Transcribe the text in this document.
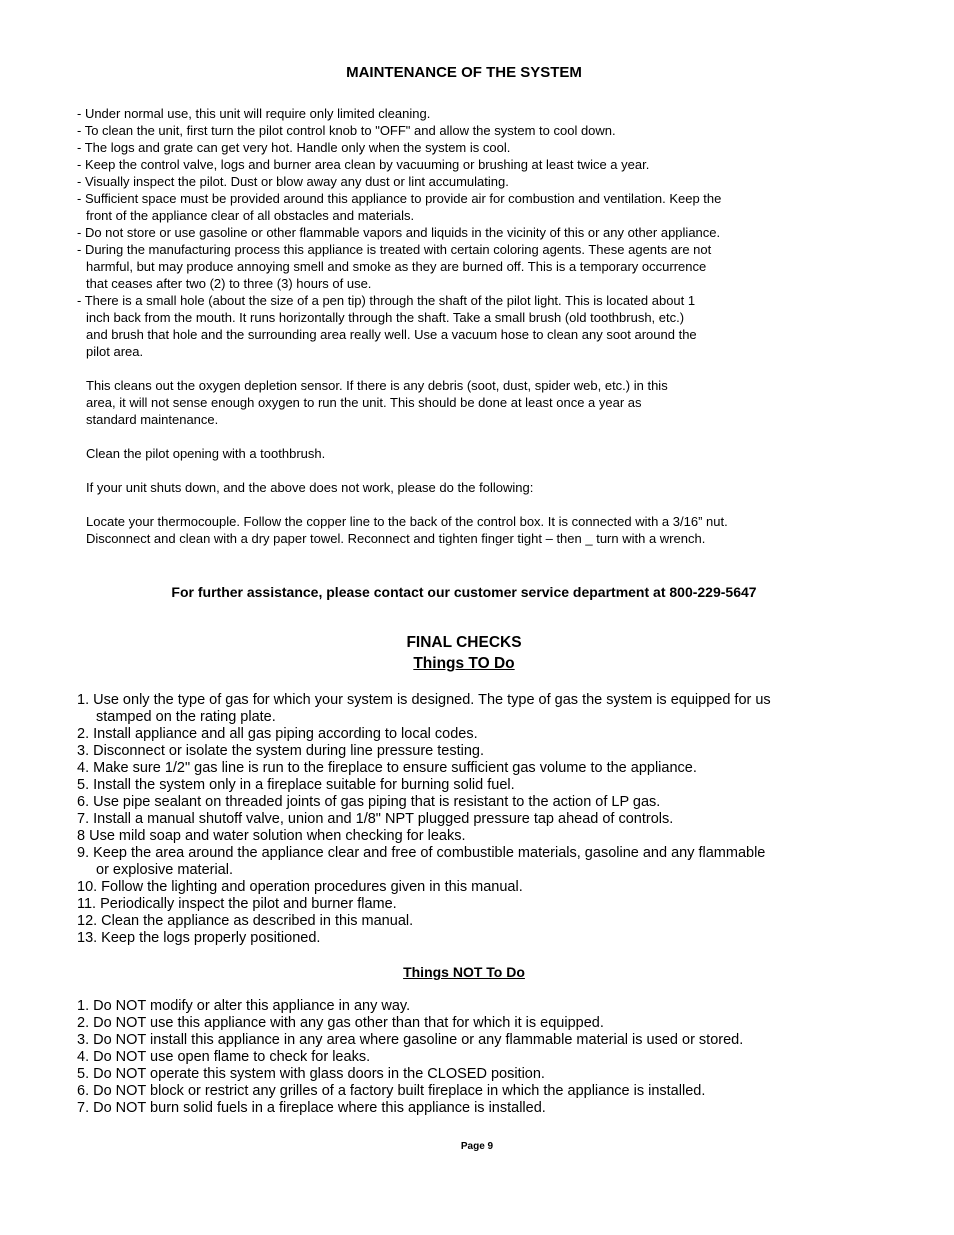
MAINTENANCE OF THE SYSTEM
- Under normal use, this unit will require only limited cleaning.
- To clean the unit, first turn the pilot control knob to "OFF" and allow the system to cool down.
- The logs and grate can get very hot. Handle only when the system is cool.
- Keep the control valve, logs and burner area clean by vacuuming or brushing at least twice a year.
- Visually inspect the pilot. Dust or blow away any dust or lint accumulating.
- Sufficient space must be provided around this appliance to provide air for combustion and ventilation. Keep the
front of the appliance clear of all obstacles and materials.
- Do not store or use gasoline or other flammable vapors and liquids in the vicinity of this or any other appliance.
- During the manufacturing process this appliance is treated with certain coloring agents. These agents are not
harmful, but may produce annoying smell and smoke as they are burned off. This is a temporary occurrence
that ceases after two (2) to three (3) hours of use.
- There is a small hole (about the size of a pen tip) through the shaft of the pilot light. This is located about 1
inch back from the mouth. It runs horizontally through the shaft. Take a small brush (old toothbrush, etc.)
and brush that hole and the surrounding area really well. Use a vacuum hose to clean any soot around the
pilot area.
This cleans out the oxygen depletion sensor. If there is any debris (soot, dust, spider web, etc.) in this
area, it will not sense enough oxygen to run the unit. This should be done at least once a year as
standard maintenance.
Clean the pilot opening with a toothbrush.
If your unit shuts down, and the above does not work, please do the following:
Locate your thermocouple. Follow the copper line to the back of the control box. It is connected with a 3/16” nut.
Disconnect and clean with a dry paper towel. Reconnect and tighten finger tight – then _ turn with a wrench.
For further assistance, please contact our customer service department at 800-229-5647
FINAL CHECKS
Things TO Do
1. Use only the type of gas for which your system is designed. The type of gas the system is equipped for us
stamped on the rating plate.
2. Install appliance and all gas piping according to local codes.
3. Disconnect or isolate the system during line pressure testing.
4. Make sure 1/2" gas line is run to the fireplace to ensure sufficient gas volume to the appliance.
5. Install the system only in a fireplace suitable for burning solid fuel.
6. Use pipe sealant on threaded joints of gas piping that is resistant to the action of LP gas.
7. Install a manual shutoff valve, union and 1/8" NPT plugged pressure tap ahead of controls.
8 Use mild soap and water solution when checking for leaks.
9. Keep the area around the appliance clear and free of combustible materials, gasoline and any flammable
or explosive material.
10. Follow the lighting and operation procedures given in this manual.
11. Periodically inspect the pilot and burner flame.
12. Clean the appliance as described in this manual.
13. Keep the logs properly positioned.
Things NOT To Do
1. Do NOT modify or alter this appliance in any way.
2. Do NOT use this appliance with any gas other than that for which it is equipped.
3. Do NOT install this appliance in any area where gasoline or any flammable material is used or stored.
4. Do NOT use open flame to check for leaks.
5. Do NOT operate this system with glass doors in the CLOSED position.
6. Do NOT block or restrict any grilles of a factory built fireplace in which the appliance is installed.
7. Do NOT burn solid fuels in a fireplace where this appliance is installed.
Page 9
